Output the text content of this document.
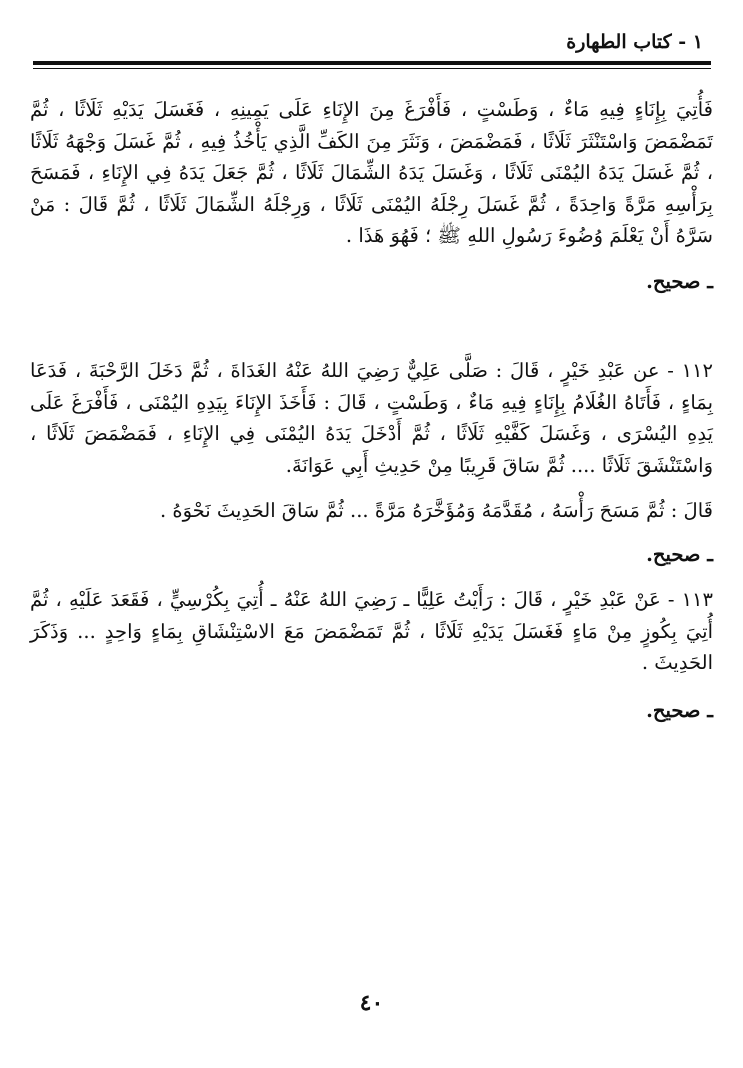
١ - كتاب الطهارة

فَأُتِيَ بِإِنَاءٍ فِيهِ مَاءٌ ، وَطَسْتٍ ، فَأَفْرَغَ مِنَ الإِنَاءِ عَلَى يَمِينِهِ ، فَغَسَلَ يَدَيْهِ ثَلَاثًا ، ثُمَّ تَمَضْمَضَ وَاسْتَنْثَرَ ثَلَاثًا ، فَمَضْمَضَ ، وَنَثَرَ مِنَ الكَفِّ الَّذِي يَأْخُذُ فِيهِ ، ثُمَّ غَسَلَ وَجْهَهُ ثَلَاثًا ، ثُمَّ غَسَلَ يَدَهُ اليُمْنَى ثَلَاثًا ، وَغَسَلَ يَدَهُ الشِّمَالَ ثَلَاثًا ، ثُمَّ جَعَلَ يَدَهُ فِي الإِنَاءِ ، فَمَسَحَ بِرَأْسِهِ مَرَّةً وَاحِدَةً ، ثُمَّ غَسَلَ رِجْلَهُ اليُمْنَى ثَلَاثًا ، وَرِجْلَهُ الشِّمَالَ ثَلَاثًا ، ثُمَّ قَالَ : مَنْ سَرَّهُ أَنْ يَعْلَمَ وُضُوءَ رَسُولِ اللهِ ﷺ ؛ فَهُوَ هَذَا .

ـ صحيح.

١١٢ - عن عَبْدِ خَيْرٍ ، قَالَ : صَلَّى عَلِيٌّ رَضِيَ اللهُ عَنْهُ الغَدَاةَ ، ثُمَّ دَخَلَ الرَّحْبَةَ ، فَدَعَا بِمَاءٍ ، فَأَتَاهُ الغُلَامُ بِإِنَاءٍ فِيهِ مَاءٌ ، وَطَسْتٍ ، قَالَ : فَأَخَذَ الإِنَاءَ بِيَدِهِ اليُمْنَى ، فَأَفْرَغَ عَلَى يَدِهِ اليُسْرَى ، وَغَسَلَ كَفَّيْهِ ثَلَاثًا ، ثُمَّ أَدْخَلَ يَدَهُ اليُمْنَى فِي الإِنَاءِ ، فَمَضْمَضَ ثَلَاثًا ، وَاسْتَنْشَقَ ثَلَاثًا .... ثُمَّ سَاقَ قَرِيبًا مِنْ حَدِيثِ أَبِي عَوَانَةَ.

قَالَ : ثُمَّ مَسَحَ رَأْسَهُ ، مُقَدَّمَهُ وَمُؤَخَّرَهُ مَرَّةً ... ثُمَّ سَاقَ الحَدِيثَ نَحْوَهُ .

ـ صحيح.

١١٣ - عَنْ عَبْدِ خَيْرٍ ، قَالَ : رَأَيْتُ عَلِيًّا ـ رَضِيَ اللهُ عَنْهُ ـ أُتِيَ بِكُرْسِيٍّ ، فَقَعَدَ عَلَيْهِ ، ثُمَّ أُتِيَ بِكُوزٍ مِنْ مَاءٍ فَغَسَلَ يَدَيْهِ ثَلَاثًا ، ثُمَّ تَمَضْمَضَ مَعَ الاسْتِنْشَاقِ بِمَاءٍ وَاحِدٍ ... وَذَكَرَ الحَدِيثَ .

ـ صحيح.

٤٠
